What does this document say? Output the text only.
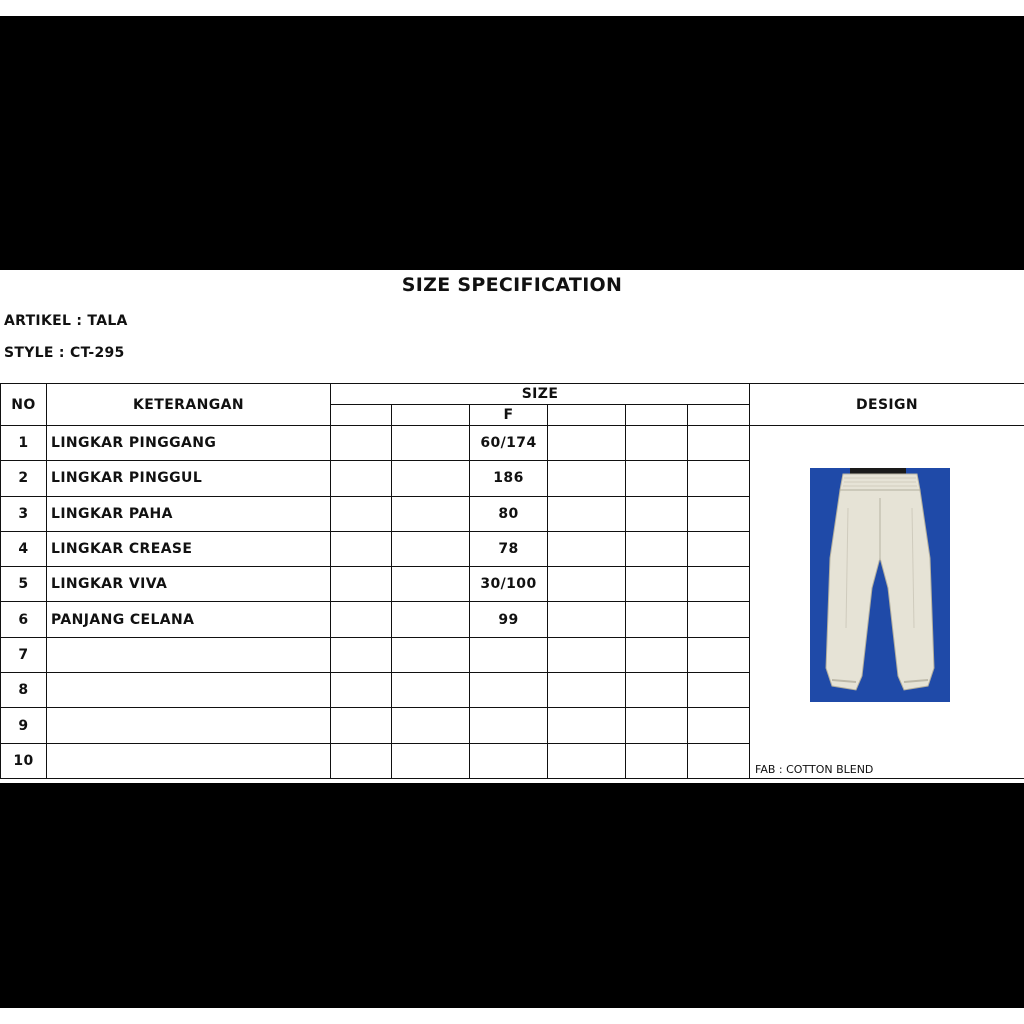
SIZE SPECIFICATION
ARTIKEL : TALA
STYLE : CT-295
NO	KETERANGAN	SIZE						DESIGN
				F				
1	LINGKAR PINGGANG			60/174				FAB : COTTON BLEND

2	LINGKAR PINGGUL			186				
3	LINGKAR PAHA			80				
4	LINGKAR CREASE			78				
5	LINGKAR VIVA			30/100				
6	PANJANG CELANA			99				
7								
8								
9								
10								
